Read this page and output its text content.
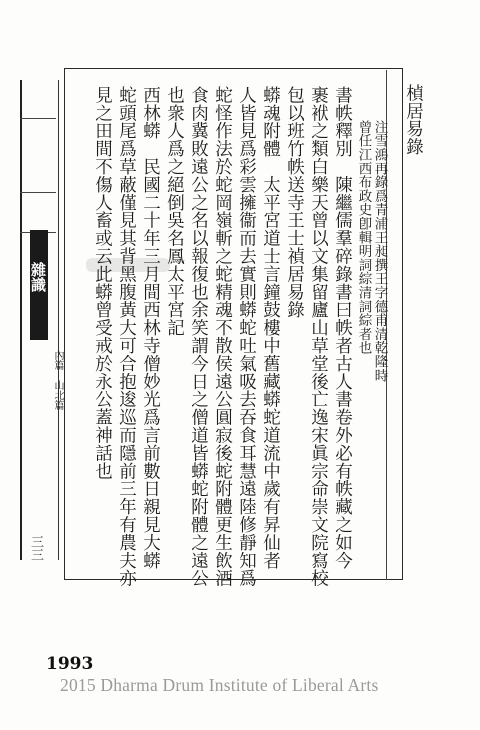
雜識
內篇
山北篇
三三
楨居易錄
注雪鴻再錄爲青浦王昶撰王字德甫清乾隆時
曾任江西布政史卽輯明詞綜清詞綜者也
書帙釋別　陳繼儒羣碎錄書曰帙者古人書卷外必有帙藏之如今
裹袱之類白樂天曾以文集留廬山草堂後亡逸宋眞宗命崇文院寫校
包以班竹帙送寺王士禎居易錄
蟒魂附體　太平宮道士言鐘鼓樓中舊藏蟒蛇道流中歲有昇仙者
人皆見爲彩雲擁衞而去實則蟒蛇吐氣吸去吞食耳慧遠陸修靜知爲
蛇怪作法於蛇岡嶺斬之蛇精魂不散侯遠公圓寂後蛇附體更生飲酒
食肉冀敗遠公之名以報復也余笑謂今日之僧道皆蟒蛇附體之遠公
也衆人爲之絕倒吳名鳳太平宮記
西林蟒　民國二十年三月間西林寺僧妙光爲言前數日親見大蟒
蛇頭尾爲草蔽僅見其背黑腹黃大可合抱逡巡而隱前三年有農夫亦
見之田間不傷人畜或云此蟒曾受戒於永公蓋神話也
1993
2015 Dharma Drum Institute of Liberal Arts
